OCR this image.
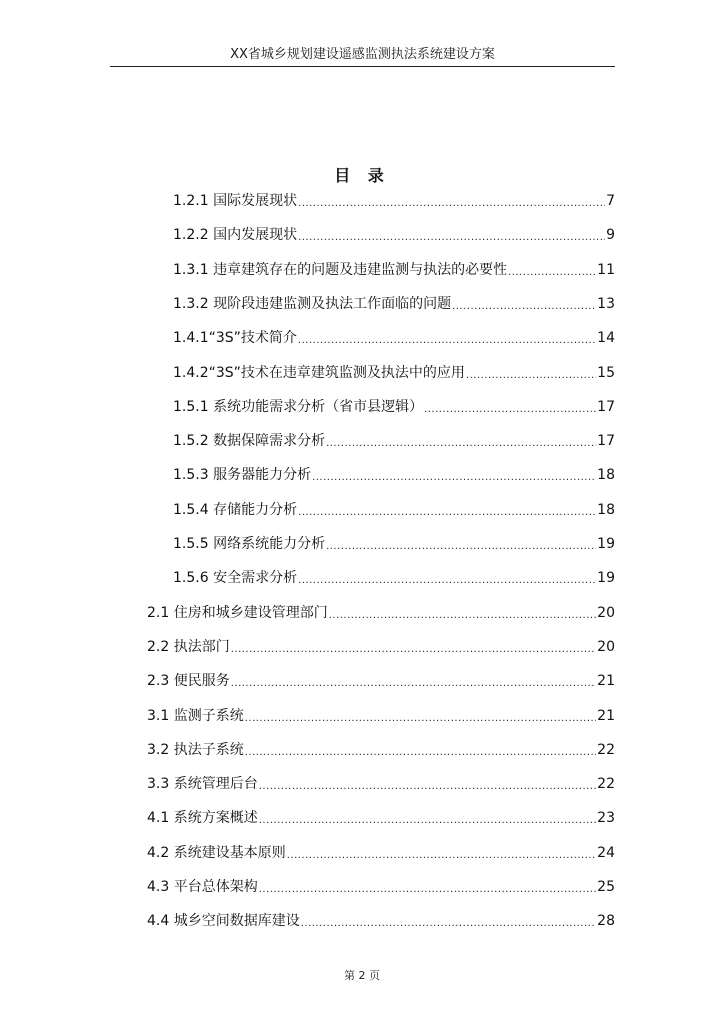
XX省城乡规划建设遥感监测执法系统建设方案
目 录
1.2.1 国际发展现状 .....	7
1.2.2 国内发展现状 .....	9
1.3.1 违章建筑存在的问题及违建监测与执法的必要性 .....	11
1.3.2 现阶段违建监测及执法工作面临的问题 .....	13
1.4.1“3S”技术简介 .....	14
1.4.2“3S”技术在违章建筑监测及执法中的应用 .....	15
1.5.1 系统功能需求分析（省市县逻辑） .....	17
1.5.2 数据保障需求分析 .....	17
1.5.3 服务器能力分析 .....	18
1.5.4 存储能力分析 .....	18
1.5.5 网络系统能力分析 .....	19
1.5.6 安全需求分析 .....	19
2.1 住房和城乡建设管理部门 .....	20
2.2 执法部门 .....	20
2.3 便民服务 .....	21
3.1 监测子系统 .....	21
3.2 执法子系统 .....	22
3.3 系统管理后台 .....	22
4.1 系统方案概述 .....	23
4.2 系统建设基本原则 .....	24
4.3 平台总体架构 .....	25
4.4 城乡空间数据库建设 .....	28
第 2 页
